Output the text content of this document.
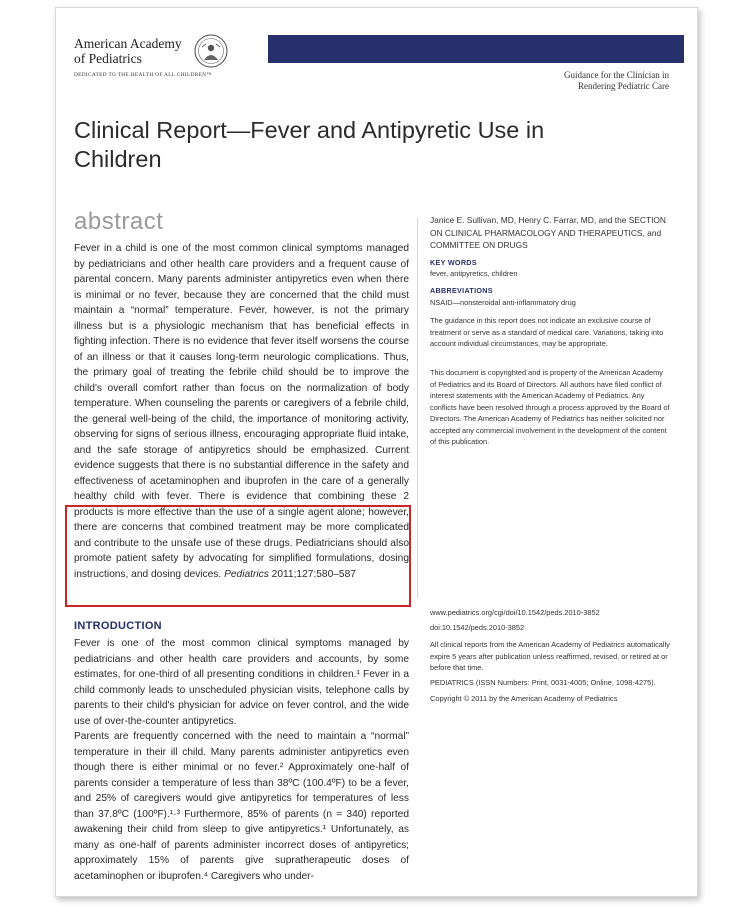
American Academy of Pediatrics
DEDICATED TO THE HEALTH OF ALL CHILDREN™	Guidance for the Clinician in
Rendering Pediatric Care
Clinical Report—Fever and Antipyretic Use in Children
abstract

Fever in a child is one of the most common clinical symptoms managed by pediatricians and other health care providers and a frequent cause of parental concern. Many parents administer antipyretics even when there is minimal or no fever, because they are concerned that the child must maintain a “normal” temperature. Fever, however, is not the primary illness but is a physiologic mechanism that has beneficial effects in fighting infection. There is no evidence that fever itself worsens the course of an illness or that it causes long-term neurologic complications. Thus, the primary goal of treating the febrile child should be to improve the child's overall comfort rather than focus on the normalization of body temperature. When counseling the parents or caregivers of a febrile child, the general well-being of the child, the importance of monitoring activity, observing for signs of serious illness, encouraging appropriate fluid intake, and the safe storage of antipyretics should be emphasized. Current evidence suggests that there is no substantial difference in the safety and effectiveness of acetaminophen and ibuprofen in the care of a generally healthy child with fever. There is evidence that combining these 2 products is more effective than the use of a single agent alone; however, there are concerns that combined treatment may be more complicated and contribute to the unsafe use of these drugs. Pediatricians should also promote patient safety by advocating for simplified formulations, dosing instructions, and dosing devices. Pediatrics 2011;127:580–587

INTRODUCTION

Fever is one of the most common clinical symptoms managed by pediatricians and other health care providers and accounts, by some estimates, for one-third of all presenting conditions in children.¹ Fever in a child commonly leads to unscheduled physician visits, telephone calls by parents to their child's physician for advice on fever control, and the wide use of over-the-counter antipyretics.

Parents are frequently concerned with the need to maintain a “normal” temperature in their ill child. Many parents administer antipyretics even though there is either minimal or no fever.² Approximately one-half of parents consider a temperature of less than 38ºC (100.4ºF) to be a fever, and 25% of caregivers would give antipyretics for temperatures of less than 37.8ºC (100ºF).¹·³ Furthermore, 85% of parents (n = 340) reported awakening their child from sleep to give antipyretics.¹ Unfortunately, as many as one-half of parents administer incorrect doses of antipyretics; approximately 15% of parents give supratherapeutic doses of acetaminophen or ibuprofen.⁴ Caregivers who under-

Janice E. Sullivan, MD, Henry C. Farrar, MD, and the SECTION ON CLINICAL PHARMACOLOGY AND THERAPEUTICS, and COMMITTEE ON DRUGS
KEY WORDS
fever, antipyretics, children
ABBREVIATIONS
NSAID—nonsteroidal anti-inflammatory drug
The guidance in this report does not indicate an exclusive course of treatment or serve as a standard of medical care. Variations, taking into account individual circumstances, may be appropriate.
This document is copyrighted and is property of the American Academy of Pediatrics and its Board of Directors. All authors have filed conflict of interest statements with the American Academy of Pediatrics. Any conflicts have been resolved through a process approved by the Board of Directors. The American Academy of Pediatrics has neither solicited nor accepted any commercial involvement in the development of the content of this publication.
www.pediatrics.org/cgi/doi/10.1542/peds.2010-3852
doi:10.1542/peds.2010-3852
All clinical reports from the American Academy of Pediatrics automatically expire 5 years after publication unless reaffirmed, revised, or retired at or before that time.
PEDIATRICS (ISSN Numbers: Print, 0031-4005; Online, 1098-4275).
Copyright © 2011 by the American Academy of Pediatrics
